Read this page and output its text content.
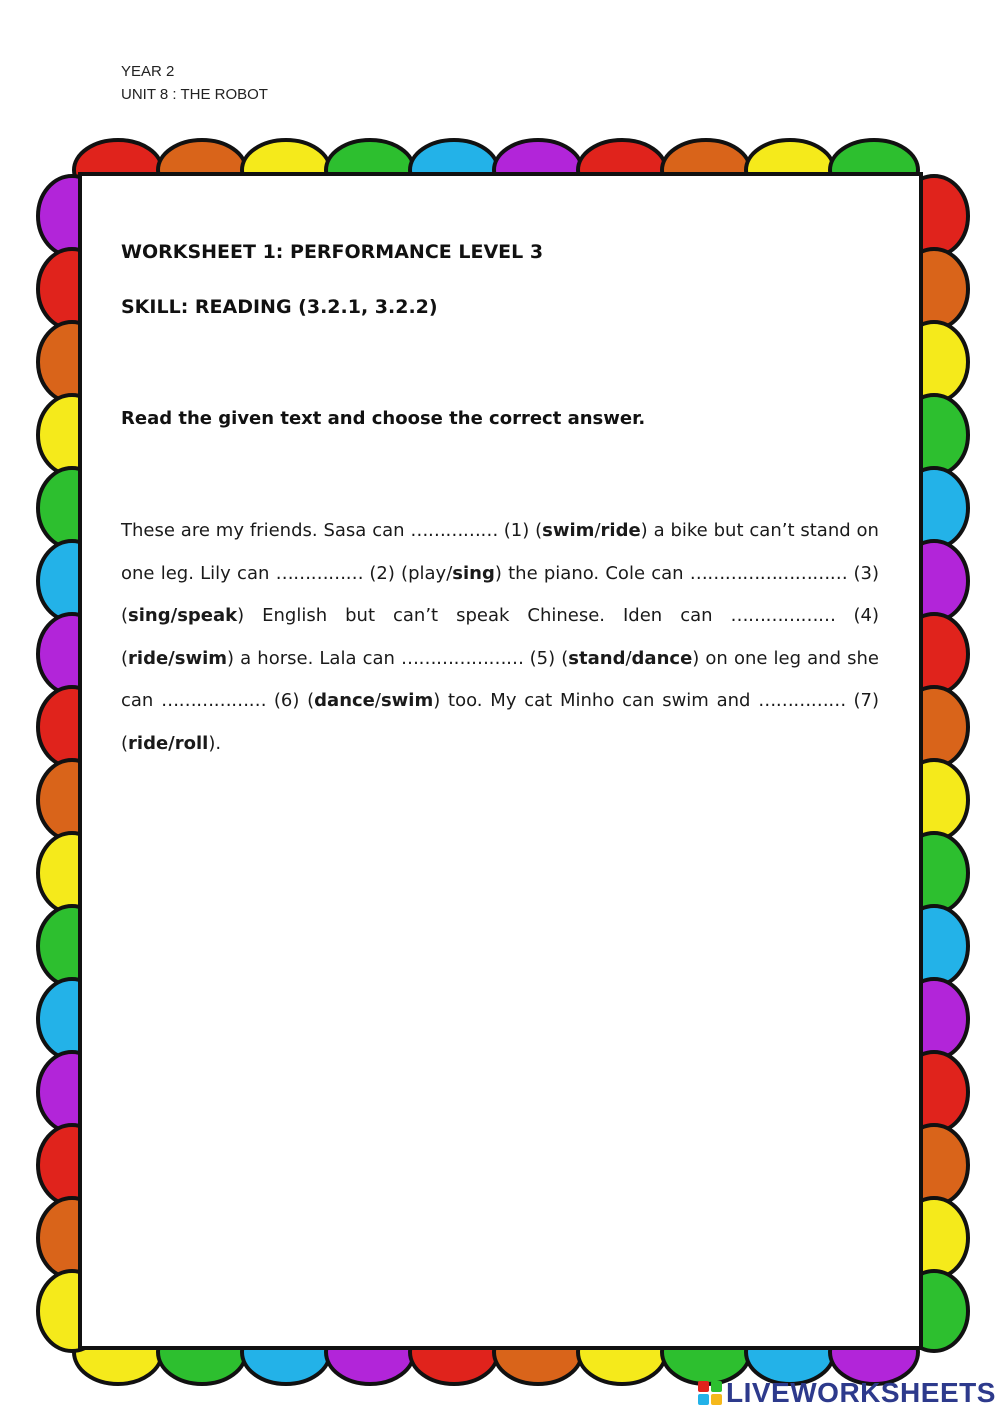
YEAR 2
UNIT 8 : THE ROBOT
WORKSHEET 1: PERFORMANCE LEVEL 3
SKILL: READING (3.2.1, 3.2.2)
Read the given text and choose the correct answer.
These are my friends. Sasa can …………… (1) (swim/ride) a bike but can’t stand on one leg. Lily can …………… (2) (play/sing) the piano. Cole can ……………………… (3) (sing/speak) English but can’t speak Chinese. Iden can ……………… (4) (ride/swim) a horse. Lala can ………………… (5) (stand/dance) on one leg and she can ……………… (6) (dance/swim) too. My cat Minho can swim and …………… (7) (ride/roll).
LIVEWORKSHEETS
